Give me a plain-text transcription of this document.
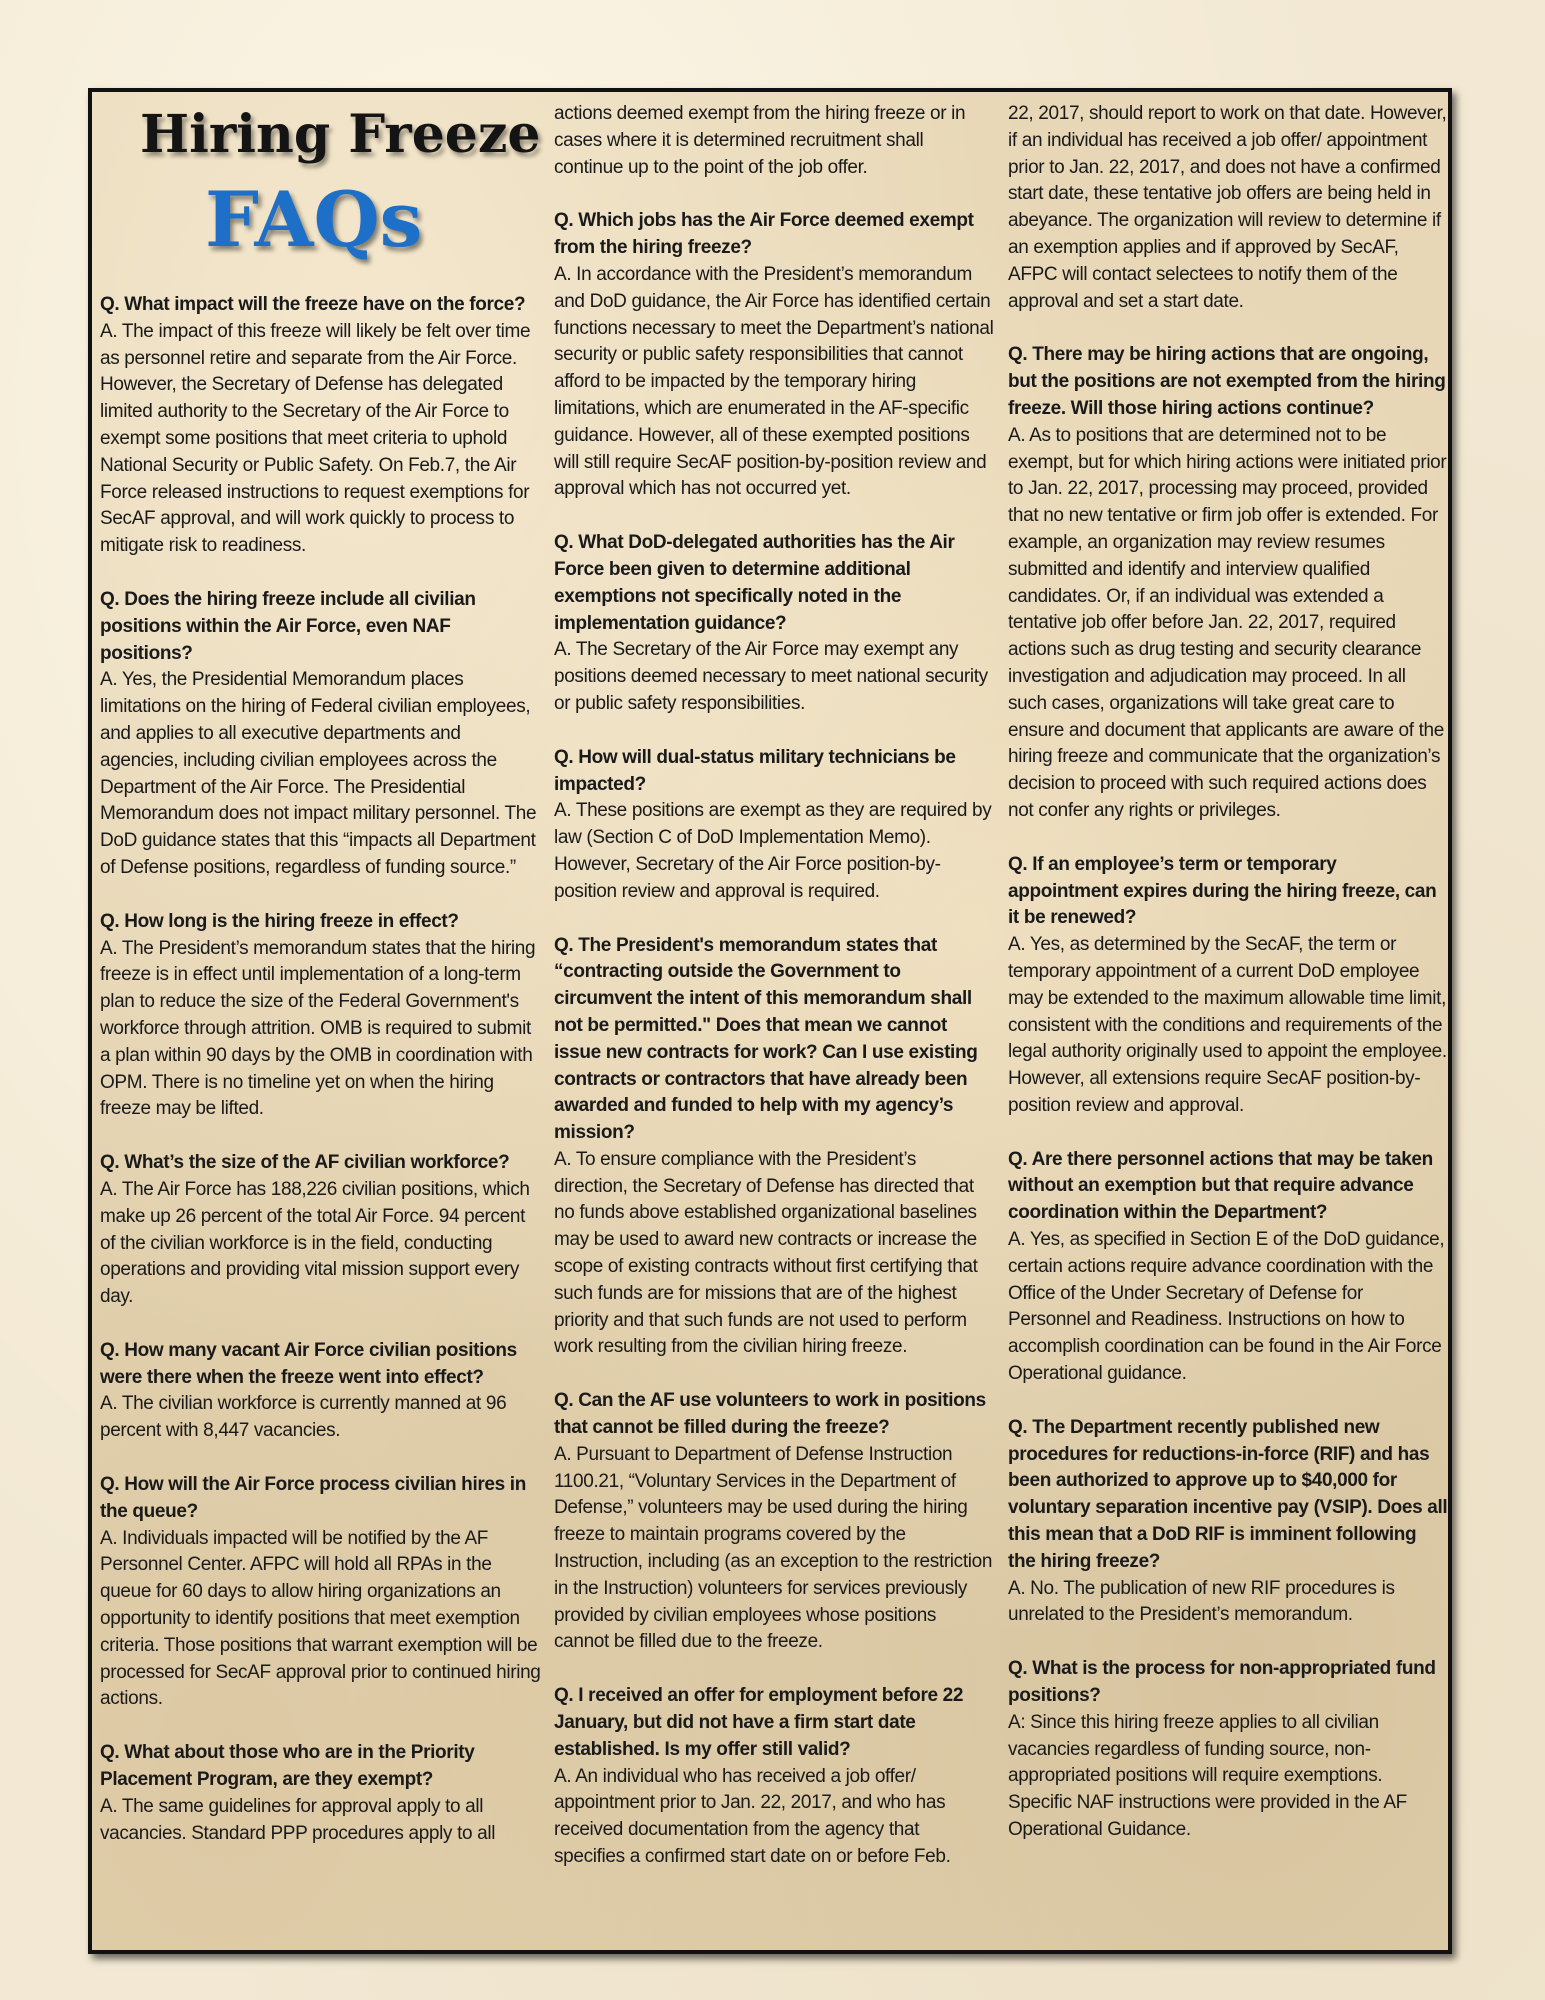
Hiring Freeze
FAQs

Q. What impact will the freeze have on the force?

A. The impact of this freeze will likely be felt over time as personnel retire and separate from the Air Force. However, the Secretary of Defense has delegated limited authority to the Secretary of the Air Force to exempt some positions that meet criteria to uphold National Security or Public Safety. On Feb.7, the Air Force released instructions to request exemptions for SecAF approval, and will work quickly to process to mitigate risk to readiness.

Q. Does the hiring freeze include all civilian positions within the Air Force, even NAF positions?

A. Yes, the Presidential Memorandum places limitations on the hiring of Federal civilian employees, and applies to all executive departments and agencies, including civilian employees across the Department of the Air Force. The Presidential Memorandum does not impact military personnel. The DoD guidance states that this “impacts all Department of Defense positions, regardless of funding source.”

Q. How long is the hiring freeze in effect?

A. The President’s memorandum states that the hiring freeze is in effect until implementation of a long-term plan to reduce the size of the Federal Government's workforce through attrition. OMB is required to submit a plan within 90 days by the OMB in coordination with OPM. There is no timeline yet on when the hiring freeze may be lifted.

Q. What’s the size of the AF civilian workforce?

A. The Air Force has 188,226 civilian positions, which make up 26 percent of the total Air Force. 94 percent of the civilian workforce is in the field, conducting operations and providing vital mission support every day.

Q. How many vacant Air Force civilian positions were there when the freeze went into effect?

A. The civilian workforce is currently manned at 96 percent with 8,447 vacancies.

Q. How will the Air Force process civilian hires in the queue?

A. Individuals impacted will be notified by the AF Personnel Center. AFPC will hold all RPAs in the queue for 60 days to allow hiring organizations an opportunity to identify positions that meet exemption criteria. Those positions that warrant exemption will be processed for SecAF approval prior to continued hiring actions.

Q. What about those who are in the Priority Placement Program, are they exempt?

A. The same guidelines for approval apply to all vacancies. Standard PPP procedures apply to all

actions deemed exempt from the hiring freeze or in cases where it is determined recruitment shall continue up to the point of the job offer.

Q. Which jobs has the Air Force deemed exempt from the hiring freeze?

A. In accordance with the President’s memorandum and DoD guidance, the Air Force has identified certain functions necessary to meet the Department’s national security or public safety responsibilities that cannot afford to be impacted by the temporary hiring limitations, which are enumerated in the AF-specific guidance. However, all of these exempted positions will still require SecAF position-by-position review and approval which has not occurred yet.

Q. What DoD-delegated authorities has the Air Force been given to determine additional exemptions not specifically noted in the implementation guidance?

A. The Secretary of the Air Force may exempt any positions deemed necessary to meet national security or public safety responsibilities.

Q. How will dual-status military technicians be impacted?

A. These positions are exempt as they are required by law (Section C of DoD Implementation Memo). However, Secretary of the Air Force position-by-position review and approval is required.

Q. The President's memorandum states that “contracting outside the Government to circumvent the intent of this memorandum shall not be permitted." Does that mean we cannot issue new contracts for work? Can I use existing contracts or contractors that have already been awarded and funded to help with my agency’s mission?

A. To ensure compliance with the President’s direction, the Secretary of Defense has directed that no funds above established organizational baselines may be used to award new contracts or increase the scope of existing contracts without first certifying that such funds are for missions that are of the highest priority and that such funds are not used to perform work resulting from the civilian hiring freeze.

Q. Can the AF use volunteers to work in positions that cannot be filled during the freeze?

A. Pursuant to Department of Defense Instruction 1100.21, “Voluntary Services in the Department of Defense,” volunteers may be used during the hiring freeze to maintain programs covered by the Instruction, including (as an exception to the restriction in the Instruction) volunteers for services previously provided by civilian employees whose positions cannot be filled due to the freeze.

Q. I received an offer for employment before 22 January, but did not have a firm start date established. Is my offer still valid?

A. An individual who has received a job offer/ appointment prior to Jan. 22, 2017, and who has received documentation from the agency that specifies a confirmed start date on or before Feb.

22, 2017, should report to work on that date. However, if an individual has received a job offer/ appointment prior to Jan. 22, 2017, and does not have a confirmed start date, these tentative job offers are being held in abeyance. The organization will review to determine if an exemption applies and if approved by SecAF, AFPC will contact selectees to notify them of the approval and set a start date.

Q. There may be hiring actions that are ongoing, but the positions are not exempted from the hiring freeze. Will those hiring actions continue?

A. As to positions that are determined not to be exempt, but for which hiring actions were initiated prior to Jan. 22, 2017, processing may proceed, provided that no new tentative or firm job offer is extended. For example, an organization may review resumes submitted and identify and interview qualified candidates. Or, if an individual was extended a tentative job offer before Jan. 22, 2017, required actions such as drug testing and security clearance investigation and adjudication may proceed. In all such cases, organizations will take great care to ensure and document that applicants are aware of the hiring freeze and communicate that the organization’s decision to proceed with such required actions does not confer any rights or privileges.

Q. If an employee’s term or temporary appointment expires during the hiring freeze, can it be renewed?

A. Yes, as determined by the SecAF, the term or temporary appointment of a current DoD employee may be extended to the maximum allowable time limit, consistent with the conditions and requirements of the legal authority originally used to appoint the employee. However, all extensions require SecAF position-by-position review and approval.

Q. Are there personnel actions that may be taken without an exemption but that require advance coordination within the Department?

A. Yes, as specified in Section E of the DoD guidance, certain actions require advance coordination with the Office of the Under Secretary of Defense for Personnel and Readiness. Instructions on how to accomplish coordination can be found in the Air Force Operational guidance.

Q. The Department recently published new procedures for reductions-in-force (RIF) and has been authorized to approve up to $40,000 for voluntary separation incentive pay (VSIP). Does all this mean that a DoD RIF is imminent following the hiring freeze?

A. No. The publication of new RIF procedures is unrelated to the President’s memorandum.

Q. What is the process for non-appropriated fund positions?

A: Since this hiring freeze applies to all civilian vacancies regardless of funding source, non-appropriated positions will require exemptions. Specific NAF instructions were provided in the AF Operational Guidance.
